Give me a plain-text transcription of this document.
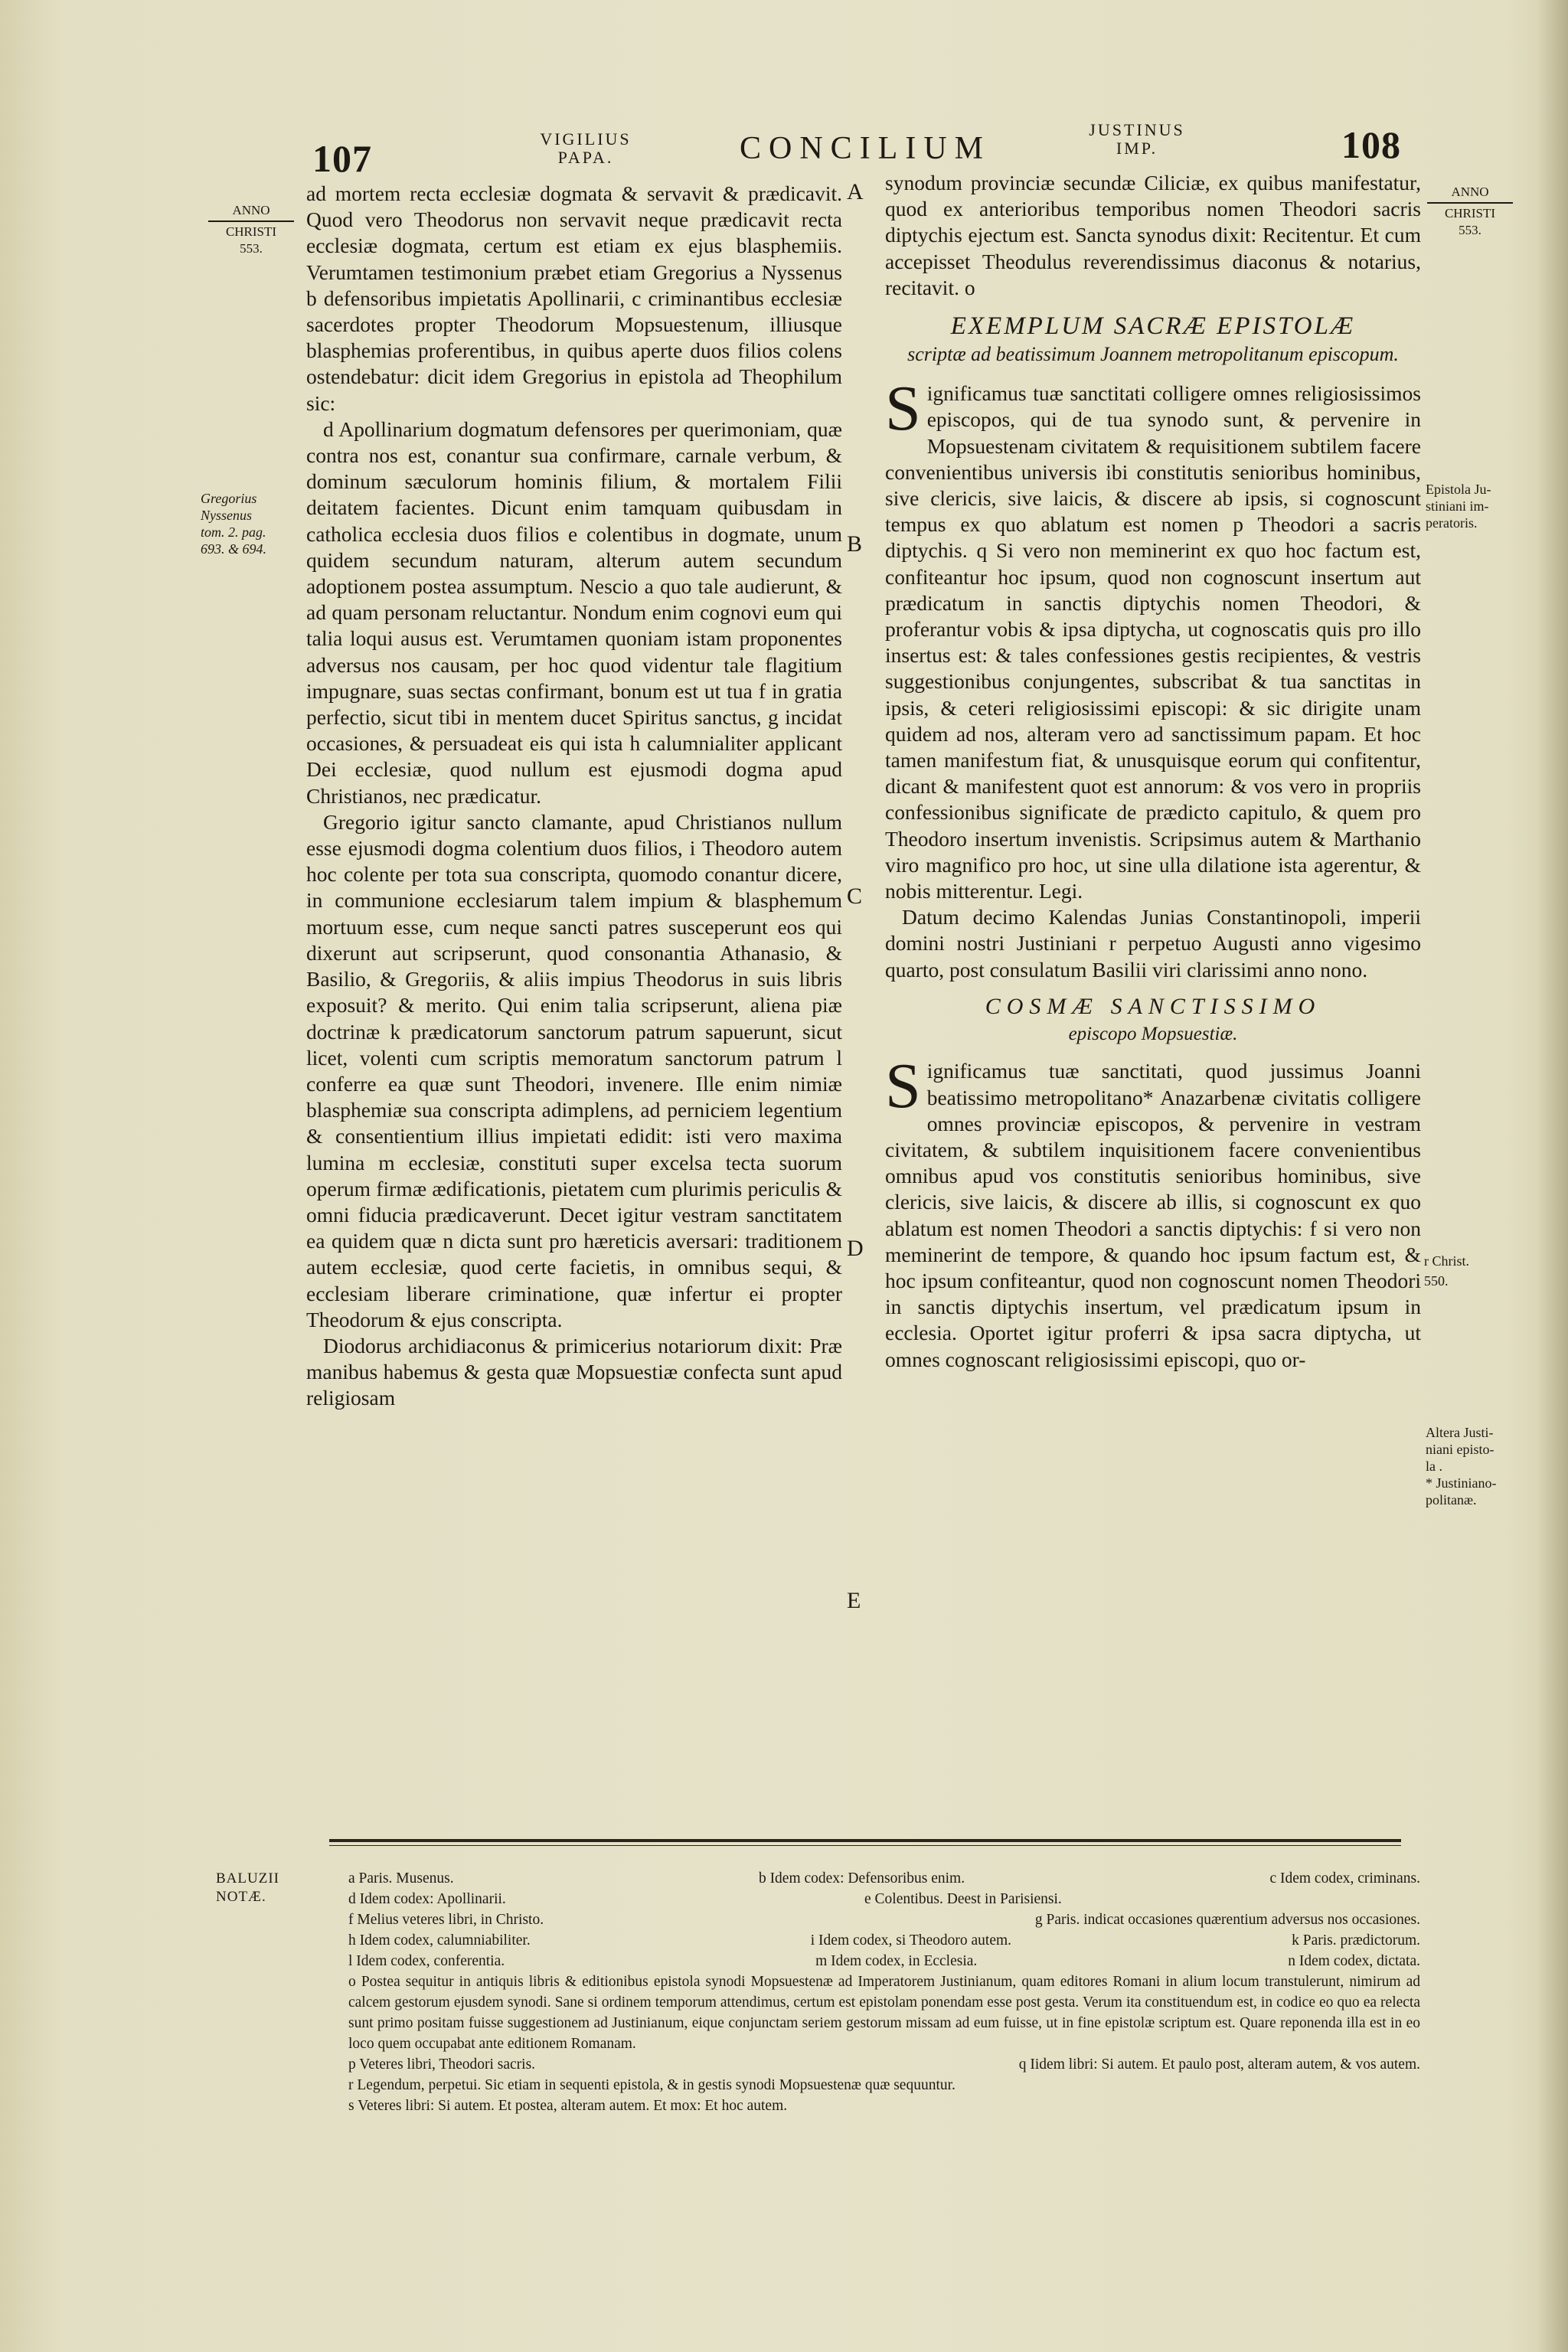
107	VIGILIUS
PAPA.	CONCILIUM
JUSTINUS
IMP.	108
ANNO
CHRISTI
553.
Gregorius
Nyssenus
tom. 2. pag.
693. & 694.
ANNO
CHRISTI
553.
Epistola Ju-
stiniani im-
peratoris.
r Christ.
550.
Altera Justi-
niani episto-
la .
* Justiniano-
politanæ.
A
B
C
D
E

ad mortem recta ecclesiæ dogmata & servavit & prædicavit. Quod vero Theodorus non servavit neque prædicavit recta ecclesiæ dogmata, certum est etiam ex ejus blasphemiis. Verumtamen testimonium præbet etiam Gregorius a Nyssenus b defensoribus impietatis Apollinarii, c criminantibus ecclesiæ sacerdotes propter Theodorum Mopsuestenum, illiusque blasphemias proferentibus, in quibus aperte duos filios colens ostendebatur: dicit idem Gregorius in epistola ad Theophilum sic:

d Apollinarium dogmatum defensores per querimoniam, quæ contra nos est, conantur sua confirmare, carnale verbum, & dominum sæculorum hominis filium, & mortalem Filii deitatem facientes. Dicunt enim tamquam quibusdam in catholica ecclesia duos filios e colentibus in dogmate, unum quidem secundum naturam, alterum autem secundum adoptionem postea assumptum. Nescio a quo tale audierunt, & ad quam personam reluctantur. Nondum enim cognovi eum qui talia loqui ausus est. Verumtamen quoniam istam proponentes adversus nos causam, per hoc quod videntur tale flagitium impugnare, suas sectas confirmant, bonum est ut tua f in gratia perfectio, sicut tibi in mentem ducet Spiritus sanctus, g incidat occasiones, & persuadeat eis qui ista h calumnialiter applicant Dei ecclesiæ, quod nullum est ejusmodi dogma apud Christianos, nec prædicatur.

Gregorio igitur sancto clamante, apud Christianos nullum esse ejusmodi dogma colentium duos filios, i Theodoro autem hoc colente per tota sua conscripta, quomodo conantur dicere, in communione ecclesiarum talem impium & blasphemum mortuum esse, cum neque sancti patres susceperunt eos qui dixerunt aut scripserunt, quod consonantia Athanasio, & Basilio, & Gregoriis, & aliis impius Theodorus in suis libris exposuit? & merito. Qui enim talia scripserunt, aliena piæ doctrinæ k prædicatorum sanctorum patrum sapuerunt, sicut licet, volenti cum scriptis memoratum sanctorum patrum l conferre ea quæ sunt Theodori, invenere. Ille enim nimiæ blasphemiæ sua conscripta adimplens, ad perniciem legentium & consentientium illius impietati edidit: isti vero maxima lumina m ecclesiæ, constituti super excelsa tecta suorum operum firmæ ædificationis, pietatem cum plurimis periculis & omni fiducia prædicaverunt. Decet igitur vestram sanctitatem ea quidem quæ n dicta sunt pro hæreticis aversari: traditionem autem ecclesiæ, quod certe facietis, in omnibus sequi, & ecclesiam liberare criminatione, quæ infertur ei propter Theodorum & ejus conscripta.

Diodorus archidiaconus & primicerius notariorum dixit: Præ manibus habemus & gesta quæ Mopsuestiæ confecta sunt apud religiosam

synodum provinciæ secundæ Ciliciæ, ex quibus manifestatur, quod ex anterioribus temporibus nomen Theodori sacris diptychis ejectum est. Sancta synodus dixit: Recitentur. Et cum accepisset Theodulus reverendissimus diaconus & notarius, recitavit. o

EXEMPLUM SACRÆ EPISTOLÆ
scriptæ ad beatissimum Joannem metropolitanum episcopum.

Significamus tuæ sanctitati colligere omnes religiosissimos episcopos, qui de tua synodo sunt, & pervenire in Mopsuestenam civitatem & requisitionem subtilem facere convenientibus universis ibi constitutis senioribus hominibus, sive clericis, sive laicis, & discere ab ipsis, si cognoscunt tempus ex quo ablatum est nomen p Theodori a sacris diptychis. q Si vero non meminerint ex quo hoc factum est, confiteantur hoc ipsum, quod non cognoscunt insertum aut prædicatum in sanctis diptychis nomen Theodori, & proferantur vobis & ipsa diptycha, ut cognoscatis quis pro illo insertus est: & tales confessiones gestis recipientes, & vestris suggestionibus conjungentes, subscribat & tua sanctitas in ipsis, & ceteri religiosissimi episcopi: & sic dirigite unam quidem ad nos, alteram vero ad sanctissimum papam. Et hoc tamen manifestum fiat, & unusquisque eorum qui confitentur, dicant & manifestent quot est annorum: & vos vero in propriis confessionibus significate de prædicto capitulo, & quem pro Theodoro insertum invenistis. Scripsimus autem & Marthanio viro magnifico pro hoc, ut sine ulla dilatione ista agerentur, & nobis mitterentur. Legi.

Datum decimo Kalendas Junias Constantinopoli, imperii domini nostri Justiniani r perpetuo Augusti anno vigesimo quarto, post consulatum Basilii viri clarissimi anno nono.

COSMÆ SANCTISSIMO
episcopo Mopsuestiæ.

Significamus tuæ sanctitati, quod jussimus Joanni beatissimo metropolitano* Anazarbenæ civitatis colligere omnes provinciæ episcopos, & pervenire in vestram civitatem, & subtilem inquisitionem facere convenientibus omnibus apud vos constitutis senioribus hominibus, sive clericis, sive laicis, & discere ab illis, si cognoscunt ex quo ablatum est nomen Theodori a sanctis diptychis: f si vero non meminerint de tempore, & quando hoc ipsum factum est, & hoc ipsum confiteantur, quod non cognoscunt nomen Theodori in sanctis diptychis insertum, vel prædicatum ipsum in ecclesia. Oportet igitur proferri & ipsa sacra diptycha, ut omnes cognoscant religiosissimi episcopi, quo or-

BALUZII
NOTÆ.
a Paris. Musenus.	b Idem codex: Defensoribus enim.	c Idem codex, criminans.
d Idem codex: Apollinarii.	e Colentibus. Deest in Parisiensi.
f Melius veteres libri, in Christo.	g Paris. indicat occasiones quærentium adversus nos occasiones.
h Idem codex, calumniabiliter.	i Idem codex, si Theodoro autem.	k Paris. prædictorum.
l Idem codex, conferentia.	m Idem codex, in Ecclesia.	n Idem codex, dictata.
o Postea sequitur in antiquis libris & editionibus epistola synodi Mopsuestenæ ad Imperatorem Justinianum, quam editores Romani in alium locum transtulerunt, nimirum ad calcem gestorum ejusdem synodi. Sane si ordinem temporum attendimus, certum est epistolam ponendam esse post gesta. Verum ita constituendum est, in codice eo quo ea relecta sunt primo positam fuisse suggestionem ad Justinianum, eique conjunctam seriem gestorum missam ad eum fuisse, ut in fine epistolæ scriptum est. Quare reponenda illa est in eo loco quem occupabat ante editionem Romanam.
p Veteres libri, Theodori sacris.	q Iidem libri: Si autem. Et paulo post, alteram autem, & vos autem.
r Legendum, perpetui. Sic etiam in sequenti epistola, & in gestis synodi Mopsuestenæ quæ sequuntur.
s Veteres libri: Si autem. Et postea, alteram autem. Et mox: Et hoc autem.
